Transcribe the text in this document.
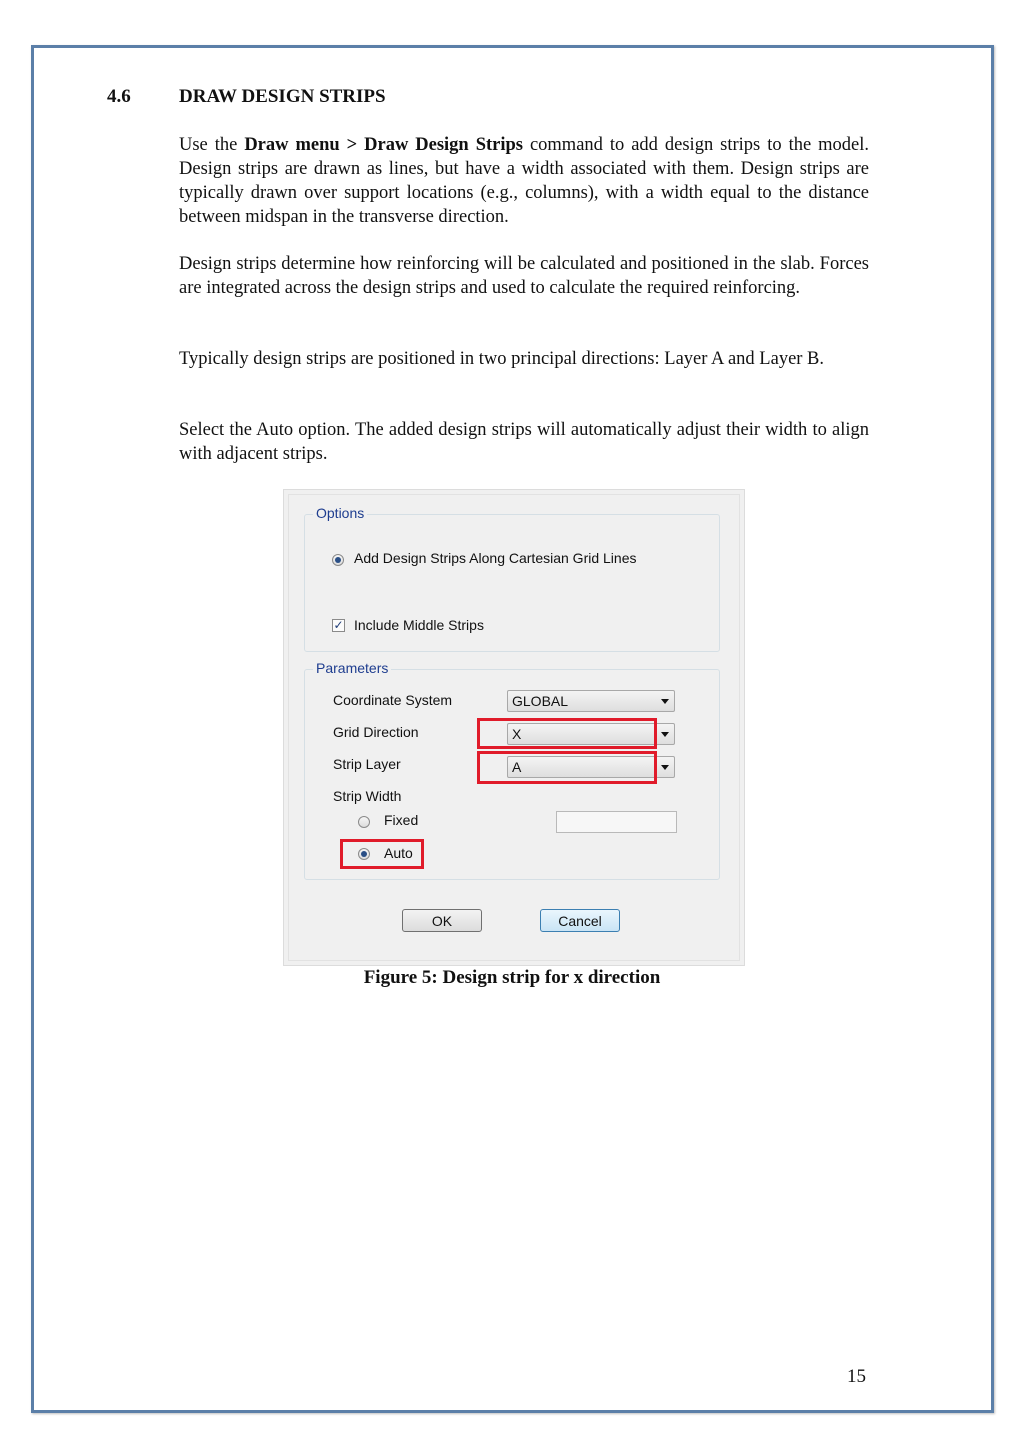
4.6	DRAW DESIGN STRIPS

Use the Draw menu > Draw Design Strips command to add design strips to the model. Design strips are drawn as lines, but have a width associated with them. Design strips are typically drawn over support locations (e.g., columns), with a width equal to the distance between midspan in the transverse direction.

Design strips determine how reinforcing will be calculated and positioned in the slab. Forces are integrated across the design strips and used to calculate the required reinforcing.

Typically design strips are positioned in two principal directions: Layer A and Layer B.

Select the Auto option. The added design strips will automatically adjust their width to align with adjacent strips.

Options
Add Design Strips Along Cartesian Grid Lines
✓ Include Middle Strips
Parameters
Coordinate System	GLOBAL
Grid Direction	X
Strip Layer	A
Strip Width
Fixed
Auto
OK	Cancel
Figure 5: Design strip for x direction
15
